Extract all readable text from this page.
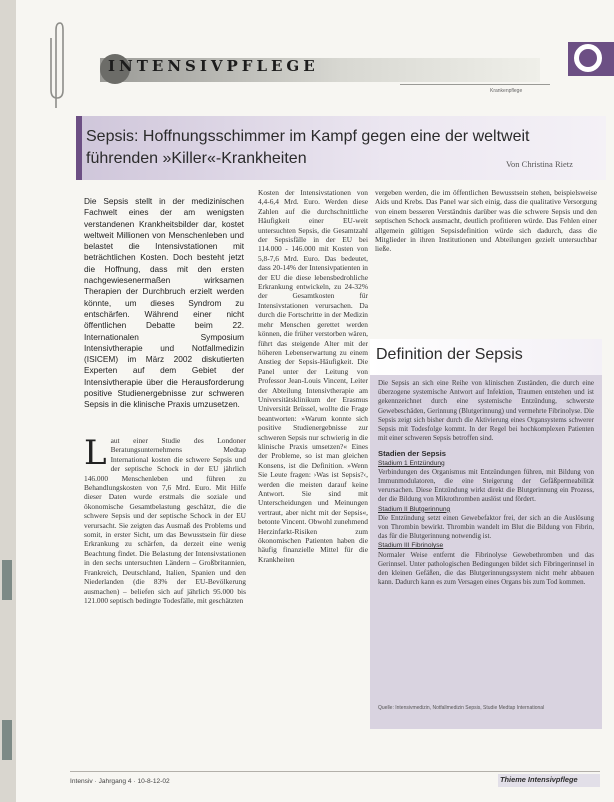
INTENSIVPFLEGE
Krankenpflege
Sepsis: Hoffnungsschimmer im Kampf gegen eine der weltweit führenden »Killer«-Krankheiten	Von Christina Rietz
Die Sepsis stellt in der medizinischen Fachwelt eines der am wenigsten verstandenen Krankheitsbilder dar, kostet weltweit Millionen von Menschenleben und belastet die Intensivstationen mit beträchtlichen Kosten. Doch besteht jetzt die Hoffnung, dass mit den ersten nachgewiesenermaßen wirksamen Therapien der Durchbruch erzielt werden könnte, um dieses Syndrom zu entschärfen. Während einer nicht öffentlichen Debatte beim 22. Internationalen Symposium Intensivtherapie und Notfallmedizin (ISICEM) im März 2002 diskutierten Experten auf dem Gebiet der Intensivtherapie über die Herausforderung positive Studienergebnisse zur schweren Sepsis in die klinische Praxis umzusetzen.
Laut einer Studie des Londoner Beratungsunternehmens Medtap International kosten die schwere Sepsis und der septische Schock in der EU jährlich 146.000 Menschenleben und führen zu Behandlungskosten von 7,6 Mrd. Euro. Mit Hilfe dieser Daten wurde erstmals die soziale und ökonomische Gesamtbelastung geschätzt, die die schwere Sepsis und der septische Schock in der EU verursacht. Sie zeigten das Ausmaß des Problems und somit, in erster Sicht, um das Bewusstsein für diese Erkrankung zu schärfen, da derzeit eine wenig Beachtung findet. Die Belastung der Intensivstationen in den sechs untersuchten Ländern – Großbritannien, Frankreich, Deutschland, Italien, Spanien und den Niederlanden (die 83% der EU-Bevölkerung ausmachen) – beliefen sich auf jährlich 95.000 bis 121.000 septisch bedingte Todesfälle, mit geschätzten
Kosten der Intensivstationen von 4,4-6,4 Mrd. Euro. Werden diese Zahlen auf die durchschnittliche Häufigkeit einer EU-weit untersuchten Sepsis, die Gesamtzahl der Sepsisfälle in der EU bei 114.000 - 146.000 mit Kosten von 5,8-7,6 Mrd. Euro. Das bedeutet, dass 20-14% der Intensivpatienten in der EU die diese lebensbedrohliche Erkrankung entwickeln, zu 24-32% der Gesamtkosten für Intensivstationen verursachen. Da durch die Fortschritte in der Medizin mehr Menschen gerettet werden können, die früher verstorben wären, führt das steigende Alter mit der höheren Lebenserwartung zu einem Anstieg der Sepsis-Häufigkeit. Die Panel unter der Leitung von Professor Jean-Louis Vincent, Leiter der Abteilung Intensivtherapie am Universitätsklinikum der Erasmus Universität Brüssel, wollte die Frage beantworten: »Warum konnte sich positive Studienergebnisse zur schweren Sepsis nur schwierig in die klinische Praxis umsetzen?« Eines der Probleme, so ist man gleichen Konsens, ist die Definition. »Wenn Sie Leute fragen: ›Was ist Sepsis?‹, werden die meisten darauf keine Antwort. Sie sind mit Unterscheidungen und Meinungen vertraut, aber nicht mit der Sepsis«, betonte Vincent. Obwohl zunehmend Herzinfarkt-Risiken zum ökonomischen Patienten haben die häufig finanzielle Mittel für die Krankheiten
vergeben werden, die im öffentlichen Bewusstsein stehen, beispielsweise Aids und Krebs. Das Panel war sich einig, dass die qualitative Versorgung von einem besseren Verständnis darüber was die schwere Sepsis und den septischen Schock ausmacht, deutlich profitieren würde. Das Fehlen einer allgemein gültigen Sepsisdefinition würde sich dadurch, dass die Mitglieder in ihren Institutionen und Abteilungen gezielt untersuchbar ließe.
Definition der Sepsis
Die Sepsis an sich eine Reihe von klinischen Zuständen, die durch eine überzogene systemische Antwort auf Infektion, Traumen entstehen und ist gekennzeichnet durch eine systemische Entzündung, schwerste Gewebeschäden, Gerinnung (Blutgerinnung) und vermehrte Fibrinolyse. Die Sepsis zeigt sich bisher durch die Aktivierung eines Organsystems schwerer Sepsis mit Todesfolge kommt. In der Regel bei hochkomplexen Patienten mit einer schweren Sepsis betroffen sind.
Stadien der Sepsis
Stadium 1 Entzündung
Verbindungen des Organismus mit Entzündungen führen, mit Bildung von Immunmodulatoren, die eine Steigerung der Gefäßpermeabilität verursachen. Diese Entzündung wirkt direkt die Blutgerinnung ein Prozess, der die Bildung von Mikrothromben auslöst und fördert.
Stadium II Blutgerinnung
Die Entzündung setzt einen Gewebefaktor frei, der sich an die Auslösung von Thrombin bewirkt. Thrombin wandelt im Blut die Bildung von Fibrin, das für die Blutgerinnung notwendig ist.
Stadium III Fibrinolyse
Normaler Weise entfernt die Fibrinolyse Gewebethromben und das Gerinnsel. Unter pathologischen Bedingungen bildet sich Fibringerinnsel in den kleinen Gefäßen, die das Blutgerinnungssystem nicht mehr abbauen kann. Dadurch kann es zum Versagen eines Organs bis zum Tod kommen.
Quelle: Intensivmedizin, Notfallmedizin Sepsis, Studie Medtap International
Intensiv · Jahrgang 4 · 10-8-12-02	Thieme Intensivpflege
